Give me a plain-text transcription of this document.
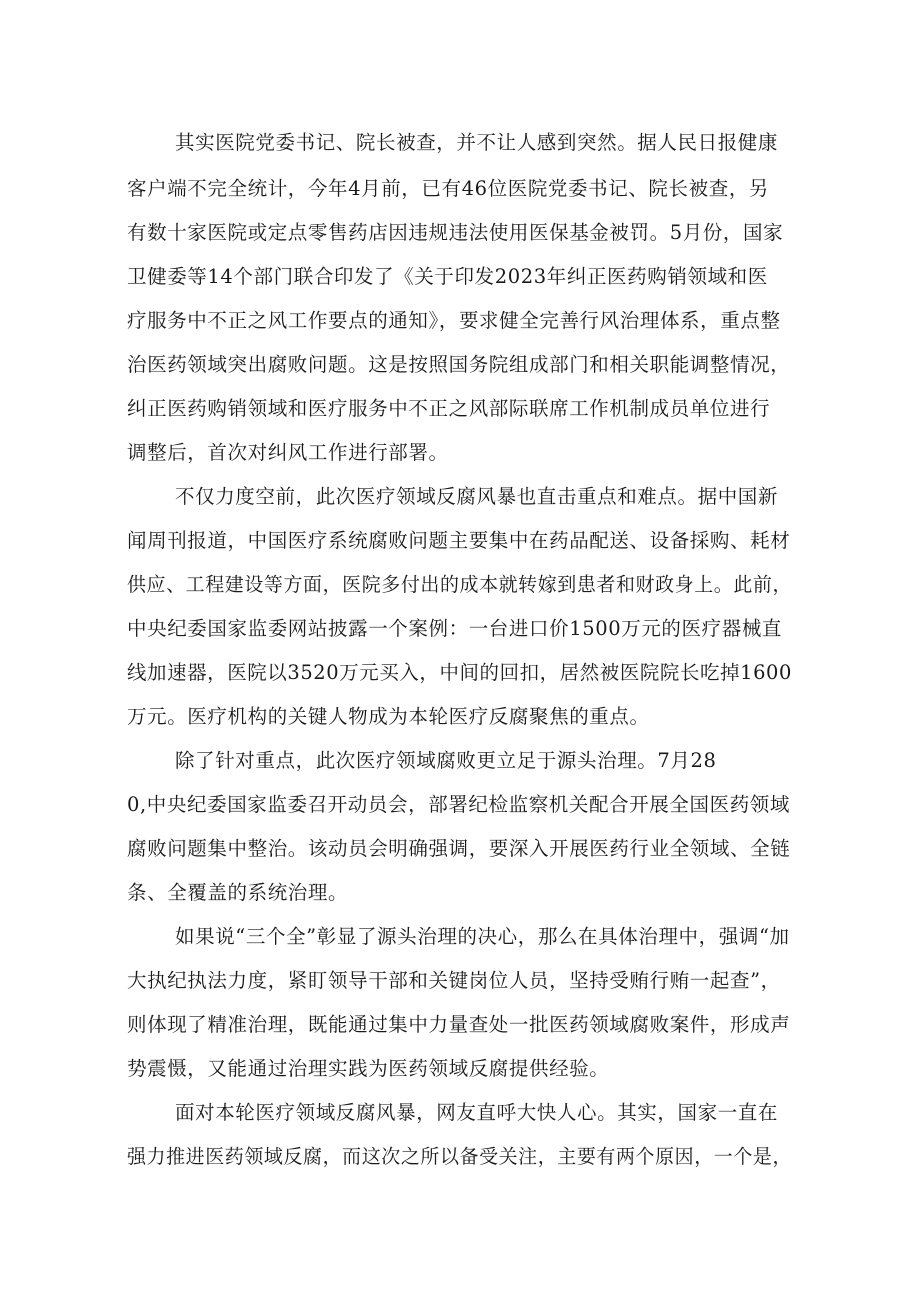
其实医院党委书记、院长被查，并不让人感到突然。据人民日报健康
客户端不完全统计，今年4月前，已有46位医院党委书记、院长被查，另
有数十家医院或定点零售药店因违规违法使用医保基金被罚。5月份，国家
卫健委等14个部门联合印发了《关于印发2023年纠正医药购销领域和医
疗服务中不正之风工作要点的通知》，要求健全完善行风治理体系，重点整
治医药领域突出腐败问题。这是按照国务院组成部门和相关职能调整情况，
纠正医药购销领域和医疗服务中不正之风部际联席工作机制成员单位进行
调整后，首次对纠风工作进行部署。
不仅力度空前，此次医疗领域反腐风暴也直击重点和难点。据中国新
闻周刊报道，中国医疗系统腐败问题主要集中在药品配送、设备採购、耗材
供应、工程建设等方面，医院多付出的成本就转嫁到患者和财政身上。此前，
中央纪委国家监委网站披露一个案例：一台进口价1500万元的医疗器械直
线加速器，医院以3520万元买入，中间的回扣，居然被医院院长吃掉1600
万元。医疗机构的关键人物成为本轮医疗反腐聚焦的重点。
除了针对重点，此次医疗领域腐败更立足于源头治理。7月28
0,中央纪委国家监委召开动员会，部署纪检监察机关配合开展全国医药领域
腐败问题集中整治。该动员会明确强调，要深入开展医药行业全领域、全链
条、全覆盖的系统治理。
如果说“三个全”彰显了源头治理的决心，那么在具体治理中，强调“加
大执纪执法力度，紧盯领导干部和关键岗位人员，坚持受贿行贿一起查”，
则体现了精准治理，既能通过集中力量查处一批医药领域腐败案件，形成声
势震慑，又能通过治理实践为医药领域反腐提供经验。
面对本轮医疗领域反腐风暴，网友直呼大快人心。其实，国家一直在
强力推进医药领域反腐，而这次之所以备受关注，主要有两个原因，一个是，
